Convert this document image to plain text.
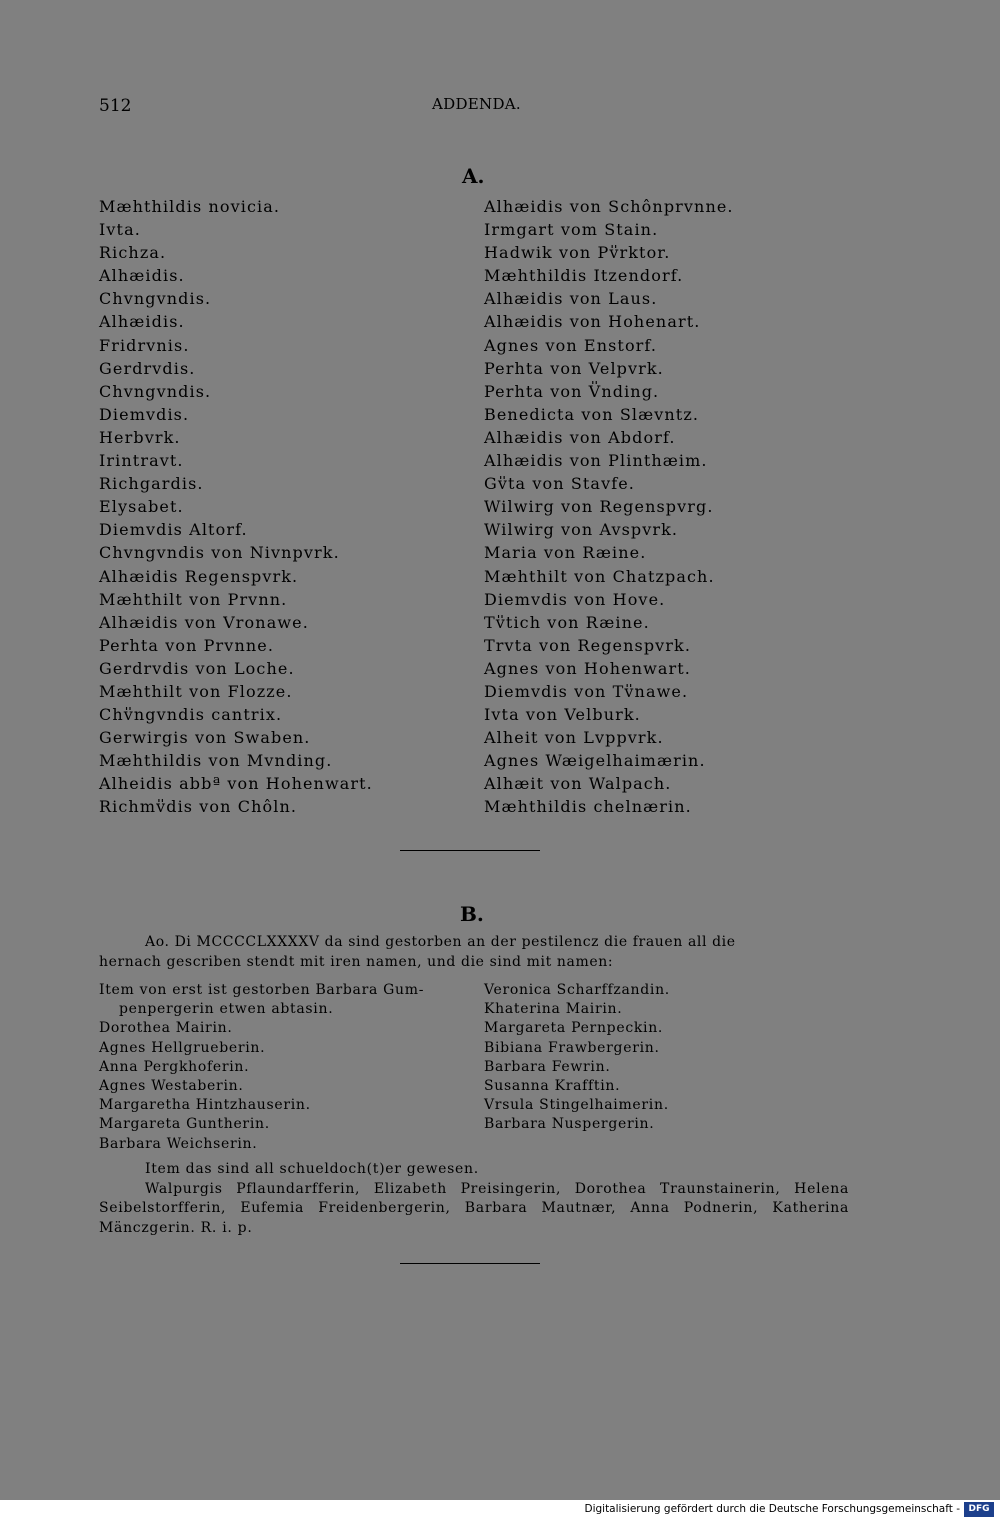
512	ADDENDA.
A.
Mæhthildis novicia.
Ivta.
Richza.
Alhæidis.
Chvngvndis.
Alhæidis.
Fridrvnis.
Gerdrvdis.
Chvngvndis.
Diemvdis.
Herbvrk.
Irintravt.
Richgardis.
Elysabet.
Diemvdis Altorf.
Chvngvndis von Nivnpvrk.
Alhæidis Regenspvrk.
Mæhthilt von Prvnn.
Alhæidis von Vronawe.
Perhta von Prvnne.
Gerdrvdis von Loche.
Mæhthilt von Flozze.
Chv̎ngvndis cantrix.
Gerwirgis von Swaben.
Mæhthildis von Mvnding.
Alheidis abbª von Hohenwart.
Richmv̎dis von Chôln.
Alhæidis von Schônprvnne.
Irmgart vom Stain.
Hadwik von Pv̎rktor.
Mæhthildis Itzendorf.
Alhæidis von Laus.
Alhæidis von Hohenart.
Agnes von Enstorf.
Perhta von Velpvrk.
Perhta von V̎nding.
Benedicta von Slævntz.
Alhæidis von Abdorf.
Alhæidis von Plinthæim.
Gv̎ta von Stavfe.
Wilwirg von Regenspvrg.
Wilwirg von Avspvrk.
Maria von Ræine.
Mæhthilt von Chatzpach.
Diemvdis von Hove.
Tv̎tich von Ræine.
Trvta von Regenspvrk.
Agnes von Hohenwart.
Diemvdis von Tv̎nawe.
Ivta von Velburk.
Alheit von Lvppvrk.
Agnes Wæigelhaimærin.
Alhæit von Walpach.
Mæhthildis chelnærin.
B.
Ao. Di MCCCCLXXXXV da sind gestorben an der pestilencz die frauen all die
hernach gescriben stendt mit iren namen, und die sind mit namen:
Item von erst ist gestorben Barbara Gum-
penpergerin etwen abtasin.
Dorothea Mairin.
Agnes Hellgrueberin.
Anna Pergkhoferin.
Agnes Westaberin.
Margaretha Hintzhauserin.
Margareta Guntherin.
Barbara Weichserin.
Veronica Scharffzandin.
Khaterina Mairin.
Margareta Pernpeckin.
Bibiana Frawbergerin.
Barbara Fewrin.
Susanna Krafftin.
Vrsula Stingelhaimerin.
Barbara Nuspergerin.
Item das sind all schueldoch(t)er gewesen.
Walpurgis Pflaundarfferin, Elizabeth Preisingerin, Dorothea Traunstainerin, Helena Seibelstorfferin, Eufemia Freidenbergerin, Barbara Mautnær, Anna Podnerin, Katherina Mänczgerin. R. i. p.
Digitalisierung gefördert durch die Deutsche Forschungsgemeinschaft - DFG
